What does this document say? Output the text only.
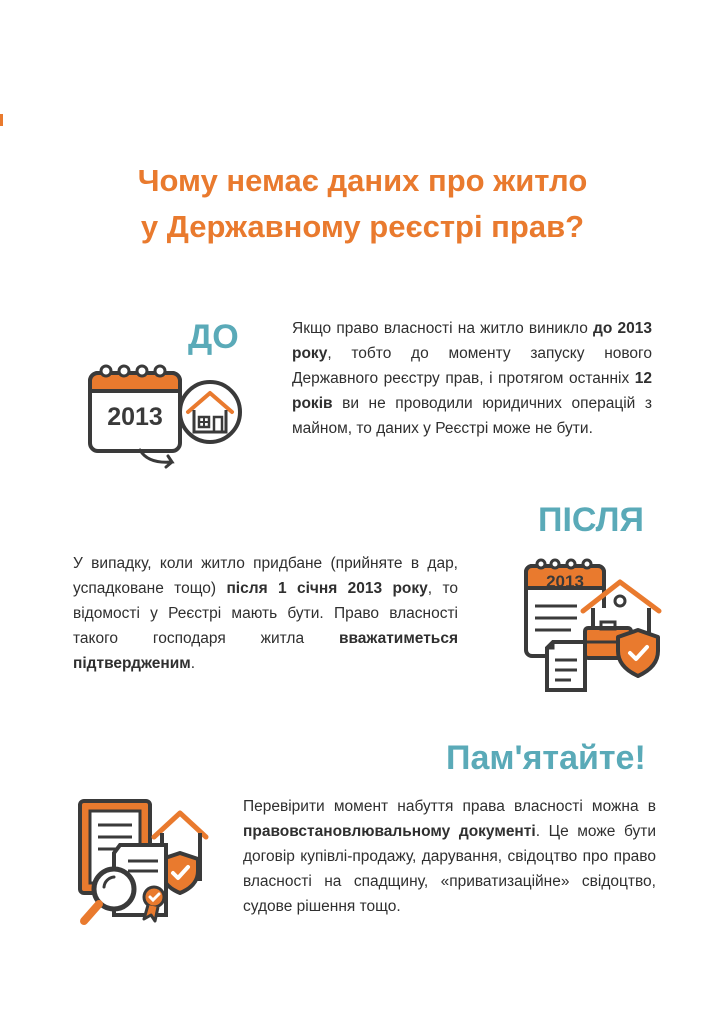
Чому немає даних про житло
у Державному реєстрі прав?
ДО
2013

Якщо право власності на житло виникло до 2013 року, тобто до моменту запуску нового Державного реєстру прав, і протягом останніх 12 років ви не проводили юридичних операцій з майном, то даних у Реєстрі може не бути.

ПІСЛЯ

У випадку, коли житло придбане (прийняте в дар, успадковане тощо) після 1 січня 2013 року, то відомості у Реєстрі мають бути. Право власності такого господаря житла вважатиметься підтвердженим.

2013
Пам'ятайте!

Перевірити момент набуття права власності можна в правовстановлювальному документі. Це може бути договір купівлі-продажу, дарування, свідоцтво про право власності на спадщину, «приватизаційне» свідоцтво, судове рішення тощо.
